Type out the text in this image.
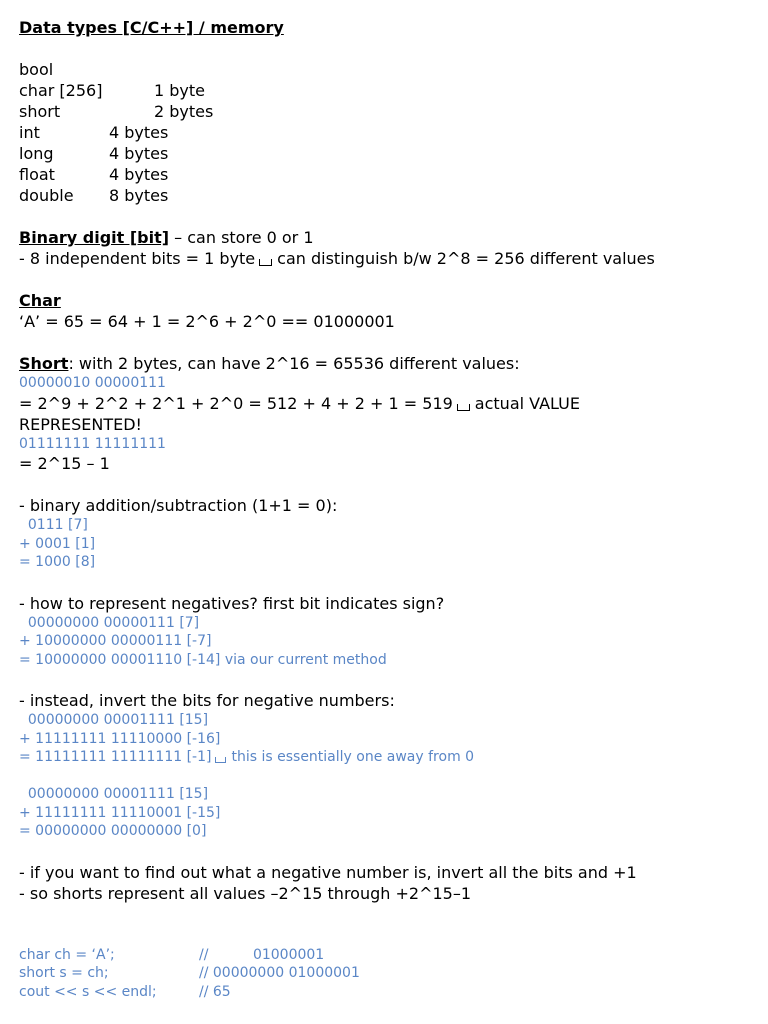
Data types [C/C++] / memory
bool
char [256]	1 byte
short	2 bytes
int	4 bytes
long	4 bytes
float	4 bytes
double	8 bytes
Binary digit [bit] – can store 0 or 1
- 8 independent bits = 1 byte can distinguish b/w 2^8 = 256 different values
Char
‘A’ = 65 = 64 + 1 = 2^6 + 2^0 == 01000001
Short: with 2 bytes, can have 2^16 = 65536 different values:
00000010 00000111
= 2^9 + 2^2 + 2^1 + 2^0 = 512 + 4 + 2 + 1 = 519 actual VALUE
REPRESENTED!
01111111 11111111
= 2^15 – 1
- binary addition/subtraction (1+1 = 0):
0111 [7]
+ 0001 [1]
= 1000 [8]
- how to represent negatives? first bit indicates sign?
00000000 00000111 [7]
+ 10000000 00000111 [-7]
= 10000000 00001110 [-14] via our current method
- instead, invert the bits for negative numbers:
00000000 00001111 [15]
+ 11111111 11110000 [-16]
= 11111111 11111111 [-1] this is essentially one away from 0
00000000 00001111 [15]
+ 11111111 11110001 [-15]
= 00000000 00000000 [0]
- if you want to find out what a negative number is, invert all the bits and +1
- so shorts represent all values –2^15 through +2^15–1
char ch = ‘A’;	// 01000001
short s = ch;	// 00000000 01000001
cout << s << endl;	// 65
